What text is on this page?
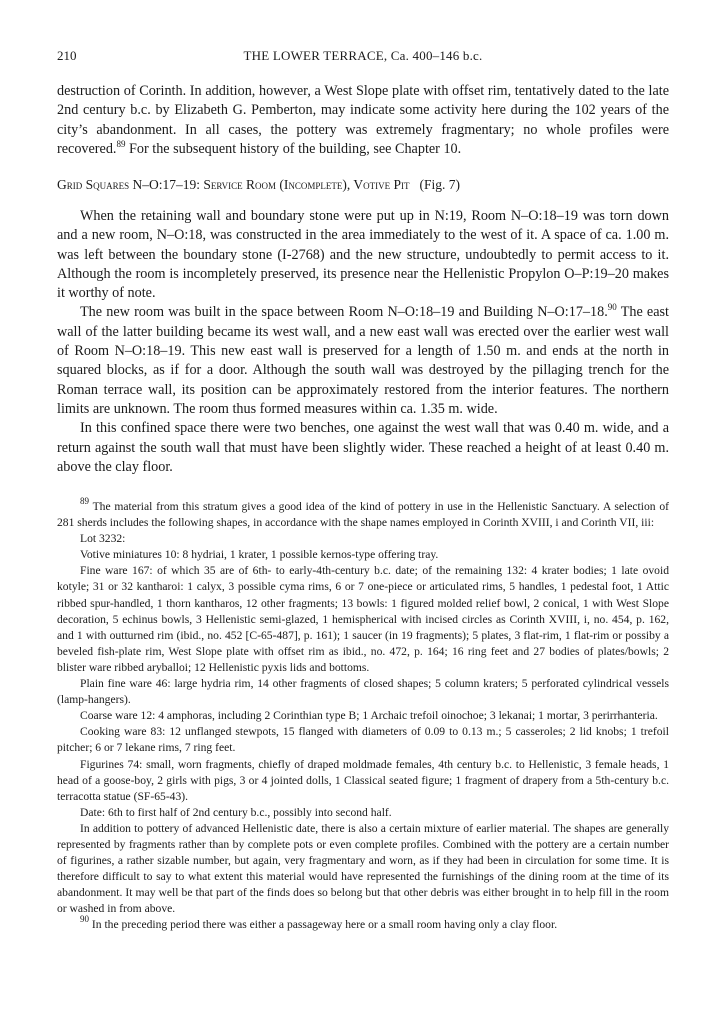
210	THE LOWER TERRACE, Ca. 400–146 b.c.

destruction of Corinth. In addition, however, a West Slope plate with offset rim, tentatively dated to the late 2nd century b.c. by Elizabeth G. Pemberton, may indicate some activity here during the 102 years of the city’s abandonment. In all cases, the pottery was extremely fragmentary; no whole profiles were recovered.$^{89}$ For the subsequent history of the building, see Chapter 10.

Grid Squares N–O:17–19: Service Room (Incomplete), Votive Pit (Fig. 7)

When the retaining wall and boundary stone were put up in N:19, Room N–O:18–19 was torn down and a new room, N–O:18, was constructed in the area immediately to the west of it. A space of ca. 1.00 m. was left between the boundary stone (I-2768) and the new structure, undoubtedly to permit access to it. Although the room is incompletely preserved, its presence near the Hellenistic Propylon O–P:19–20 makes it worthy of note.

The new room was built in the space between Room N–O:18–19 and Building N–O:17–18.90 The east wall of the latter building became its west wall, and a new east wall was erected over the earlier west wall of Room N–O:18–19. This new east wall is preserved for a length of 1.50 m. and ends at the north in squared blocks, as if for a door. Although the south wall was destroyed by the pillaging trench for the Roman terrace wall, its position can be approximately restored from the interior features. The northern limits are unknown. The room thus formed measures within ca. 1.35 m. wide.

In this confined space there were two benches, one against the west wall that was 0.40 m. wide, and a return against the south wall that must have been slightly wider. These reached a height of at least 0.40 m. above the clay floor.

$^{89}$ The material from this stratum gives a good idea of the kind of pottery in use in the Hellenistic Sanctuary. A selection of 281 sherds includes the following shapes, in accordance with the shape names employed in Corinth XVIII, i and Corinth VII, iii:

Lot 3232:

Votive miniatures 10: 8 hydriai, 1 krater, 1 possible kernos-type offering tray.

Fine ware 167: of which 35 are of 6th- to early-4th-century b.c. date; of the remaining 132: 4 krater bodies; 1 late ovoid kotyle; 31 or 32 kantharoi: 1 calyx, 3 possible cyma rims, 6 or 7 one-piece or articulated rims, 5 handles, 1 pedestal foot, 1 Attic ribbed spur-handled, 1 thorn kantharos, 12 other fragments; 13 bowls: 1 figured molded relief bowl, 2 conical, 1 with West Slope decoration, 5 echinus bowls, 3 Hellenistic semi-glazed, 1 hemispherical with incised circles as Corinth XVIII, i, no. 454, p. 162, and 1 with outturned rim (ibid., no. 452 [C-65-487], p. 161); 1 saucer (in 19 fragments); 5 plates, 3 flat-rim, 1 flat-rim or possiby a beveled fish-plate rim, West Slope plate with offset rim as ibid., no. 472, p. 164; 16 ring feet and 27 bodies of plates/bowls; 2 blister ware ribbed aryballoi; 12 Hellenistic pyxis lids and bottoms.

Plain fine ware 46: large hydria rim, 14 other fragments of closed shapes; 5 column kraters; 5 perforated cylindrical vessels (lamp-hangers).

Coarse ware 12: 4 amphoras, including 2 Corinthian type B; 1 Archaic trefoil oinochoe; 3 lekanai; 1 mortar, 3 perirrhanteria.

Cooking ware 83: 12 unflanged stewpots, 15 flanged with diameters of 0.09 to 0.13 m.; 5 casseroles; 2 lid knobs; 1 trefoil pitcher; 6 or 7 lekane rims, 7 ring feet.

Figurines 74: small, worn fragments, chiefly of draped moldmade females, 4th century b.c. to Hellenistic, 3 female heads, 1 head of a goose-boy, 2 girls with pigs, 3 or 4 jointed dolls, 1 Classical seated figure; 1 fragment of drapery from a 5th-century b.c. terracotta statue (SF-65-43).

Date: 6th to first half of 2nd century b.c., possibly into second half.

In addition to pottery of advanced Hellenistic date, there is also a certain mixture of earlier material. The shapes are generally represented by fragments rather than by complete pots or even complete profiles. Combined with the pottery are a certain number of figurines, a rather sizable number, but again, very fragmentary and worn, as if they had been in circulation for some time. It is therefore difficult to say to what extent this material would have represented the furnishings of the dining room at the time of its abandonment. It may well be that part of the finds does so belong but that other debris was either brought in to help fill in the room or washed in from above.

$^{90}$ In the preceding period there was either a passageway here or a small room having only a clay floor.
